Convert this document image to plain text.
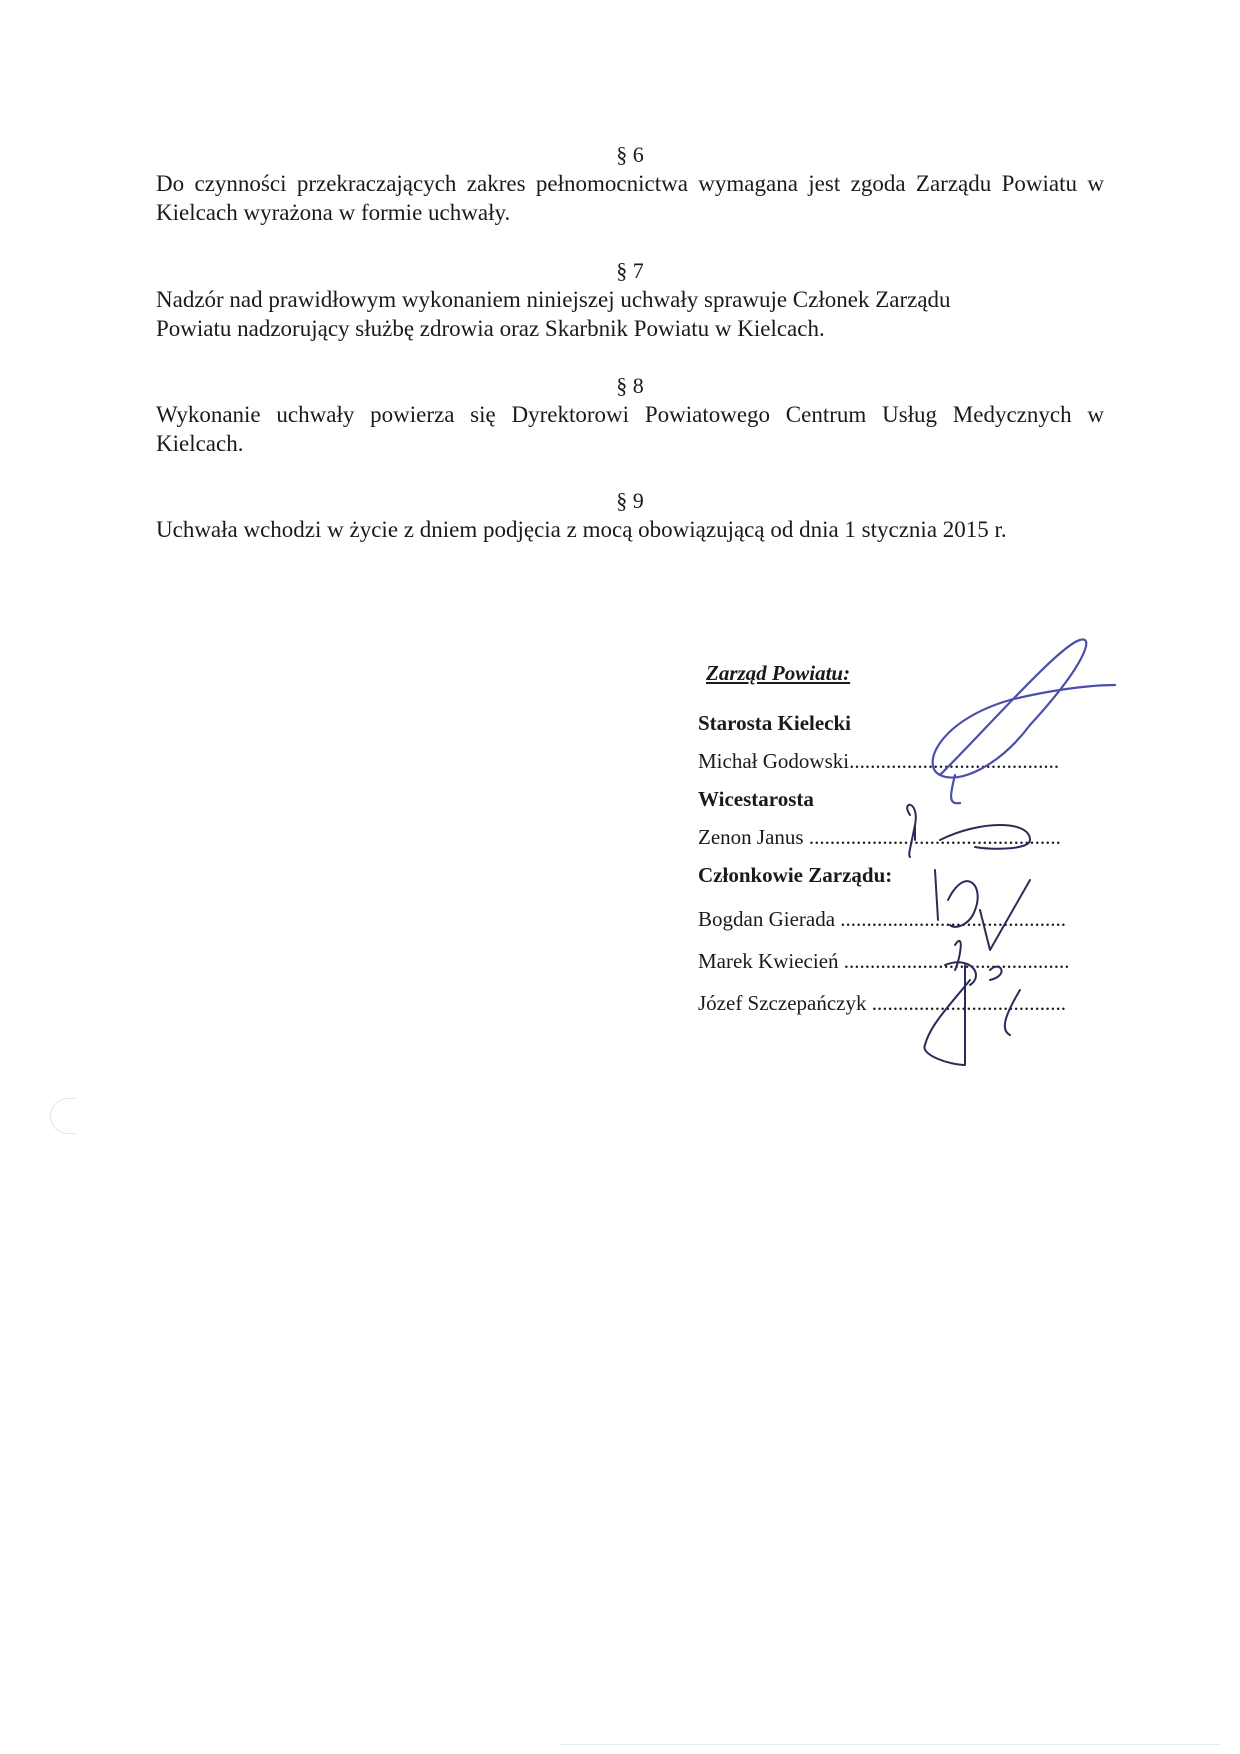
§ 6

Do czynności przekraczających zakres pełnomocnictwa wymagana jest zgoda Zarządu Powiatu w Kielcach wyrażona w formie uchwały.

§ 7

Nadzór nad prawidłowym wykonaniem niniejszej uchwały sprawuje Członek Zarządu Powiatu nadzorujący służbę zdrowia oraz Skarbnik Powiatu w Kielcach.

§ 8

Wykonanie uchwały powierza się Dyrektorowi Powiatowego Centrum Usług Medycznych w Kielcach.

§ 9

Uchwała wchodzi w życie z dniem podjęcia z mocą obowiązującą od dnia 1 stycznia 2015 r.

Zarząd Powiatu:

Starosta Kielecki

Michał Godowski........................................

Wicestarosta

Zenon Janus ................................................

Członkowie Zarządu:

Bogdan Gierada ...........................................

Marek Kwiecień ...........................................

Józef Szczepańczyk .....................................
